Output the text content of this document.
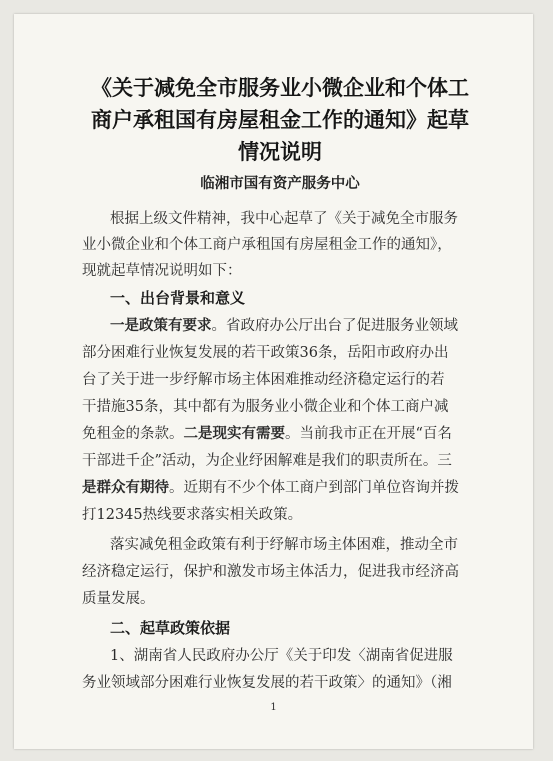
《关于减免全市服务业小微企业和个体工
商户承租国有房屋租金工作的通知》起草
情况说明
临湘市国有资产服务中心
根据上级文件精神，我中心起草了《关于减免全市服务
业小微企业和个体工商户承租国有房屋租金工作的通知》，
现就起草情况说明如下：
一、出台背景和意义
一是政策有要求。省政府办公厅出台了促进服务业领域
部分困难行业恢复发展的若干政策36条，岳阳市政府办出
台了关于进一步纾解市场主体困难推动经济稳定运行的若
干措施35条，其中都有为服务业小微企业和个体工商户减
免租金的条款。二是现实有需要。当前我市正在开展“百名
干部进千企”活动，为企业纾困解难是我们的职责所在。三
是群众有期待。近期有不少个体工商户到部门单位咨询并拨
打12345热线要求落实相关政策。
落实减免租金政策有利于纾解市场主体困难，推动全市
经济稳定运行，保护和激发市场主体活力，促进我市经济高
质量发展。
二、起草政策依据
1、湖南省人民政府办公厅《关于印发〈湖南省促进服
务业领域部分困难行业恢复发展的若干政策〉的通知》（湘
1
